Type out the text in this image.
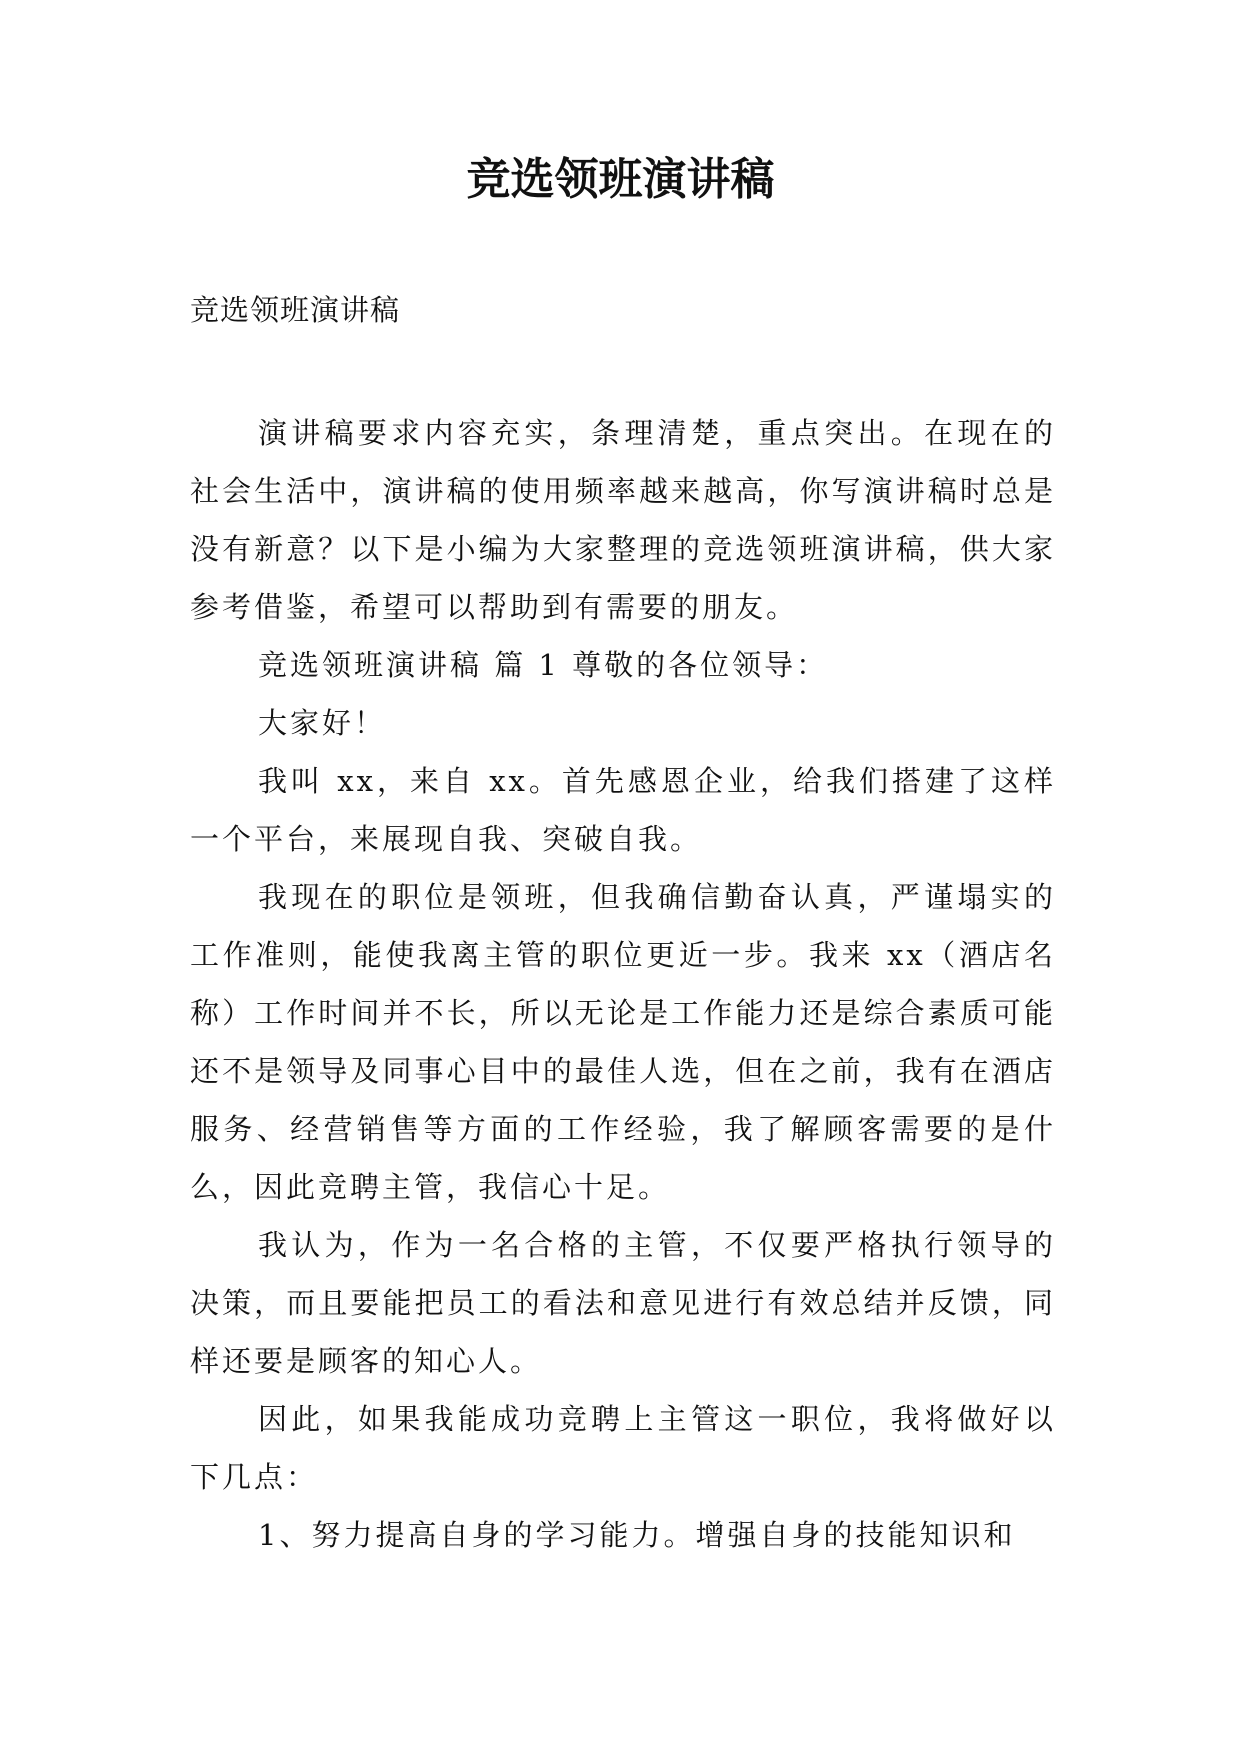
竞选领班演讲稿

竞选领班演讲稿

演讲稿要求内容充实，条理清楚，重点突出。在现在的社会生活中，演讲稿的使用频率越来越高，你写演讲稿时总是没有新意？以下是小编为大家整理的竞选领班演讲稿，供大家参考借鉴，希望可以帮助到有需要的朋友。

竞选领班演讲稿 篇 1 尊敬的各位领导：

大家好！

我叫 xx，来自 xx。首先感恩企业，给我们搭建了这样一个平台，来展现自我、突破自我。

我现在的职位是领班，但我确信勤奋认真，严谨塌实的工作准则，能使我离主管的职位更近一步。我来 xx（酒店名称）工作时间并不长，所以无论是工作能力还是综合素质可能还不是领导及同事心目中的最佳人选，但在之前，我有在酒店服务、经营销售等方面的工作经验，我了解顾客需要的是什么，因此竞聘主管，我信心十足。

我认为，作为一名合格的主管，不仅要严格执行领导的决策，而且要能把员工的看法和意见进行有效总结并反馈，同样还要是顾客的知心人。

因此，如果我能成功竞聘上主管这一职位，我将做好以下几点：

1、努力提高自身的学习能力。增强自身的技能知识和
